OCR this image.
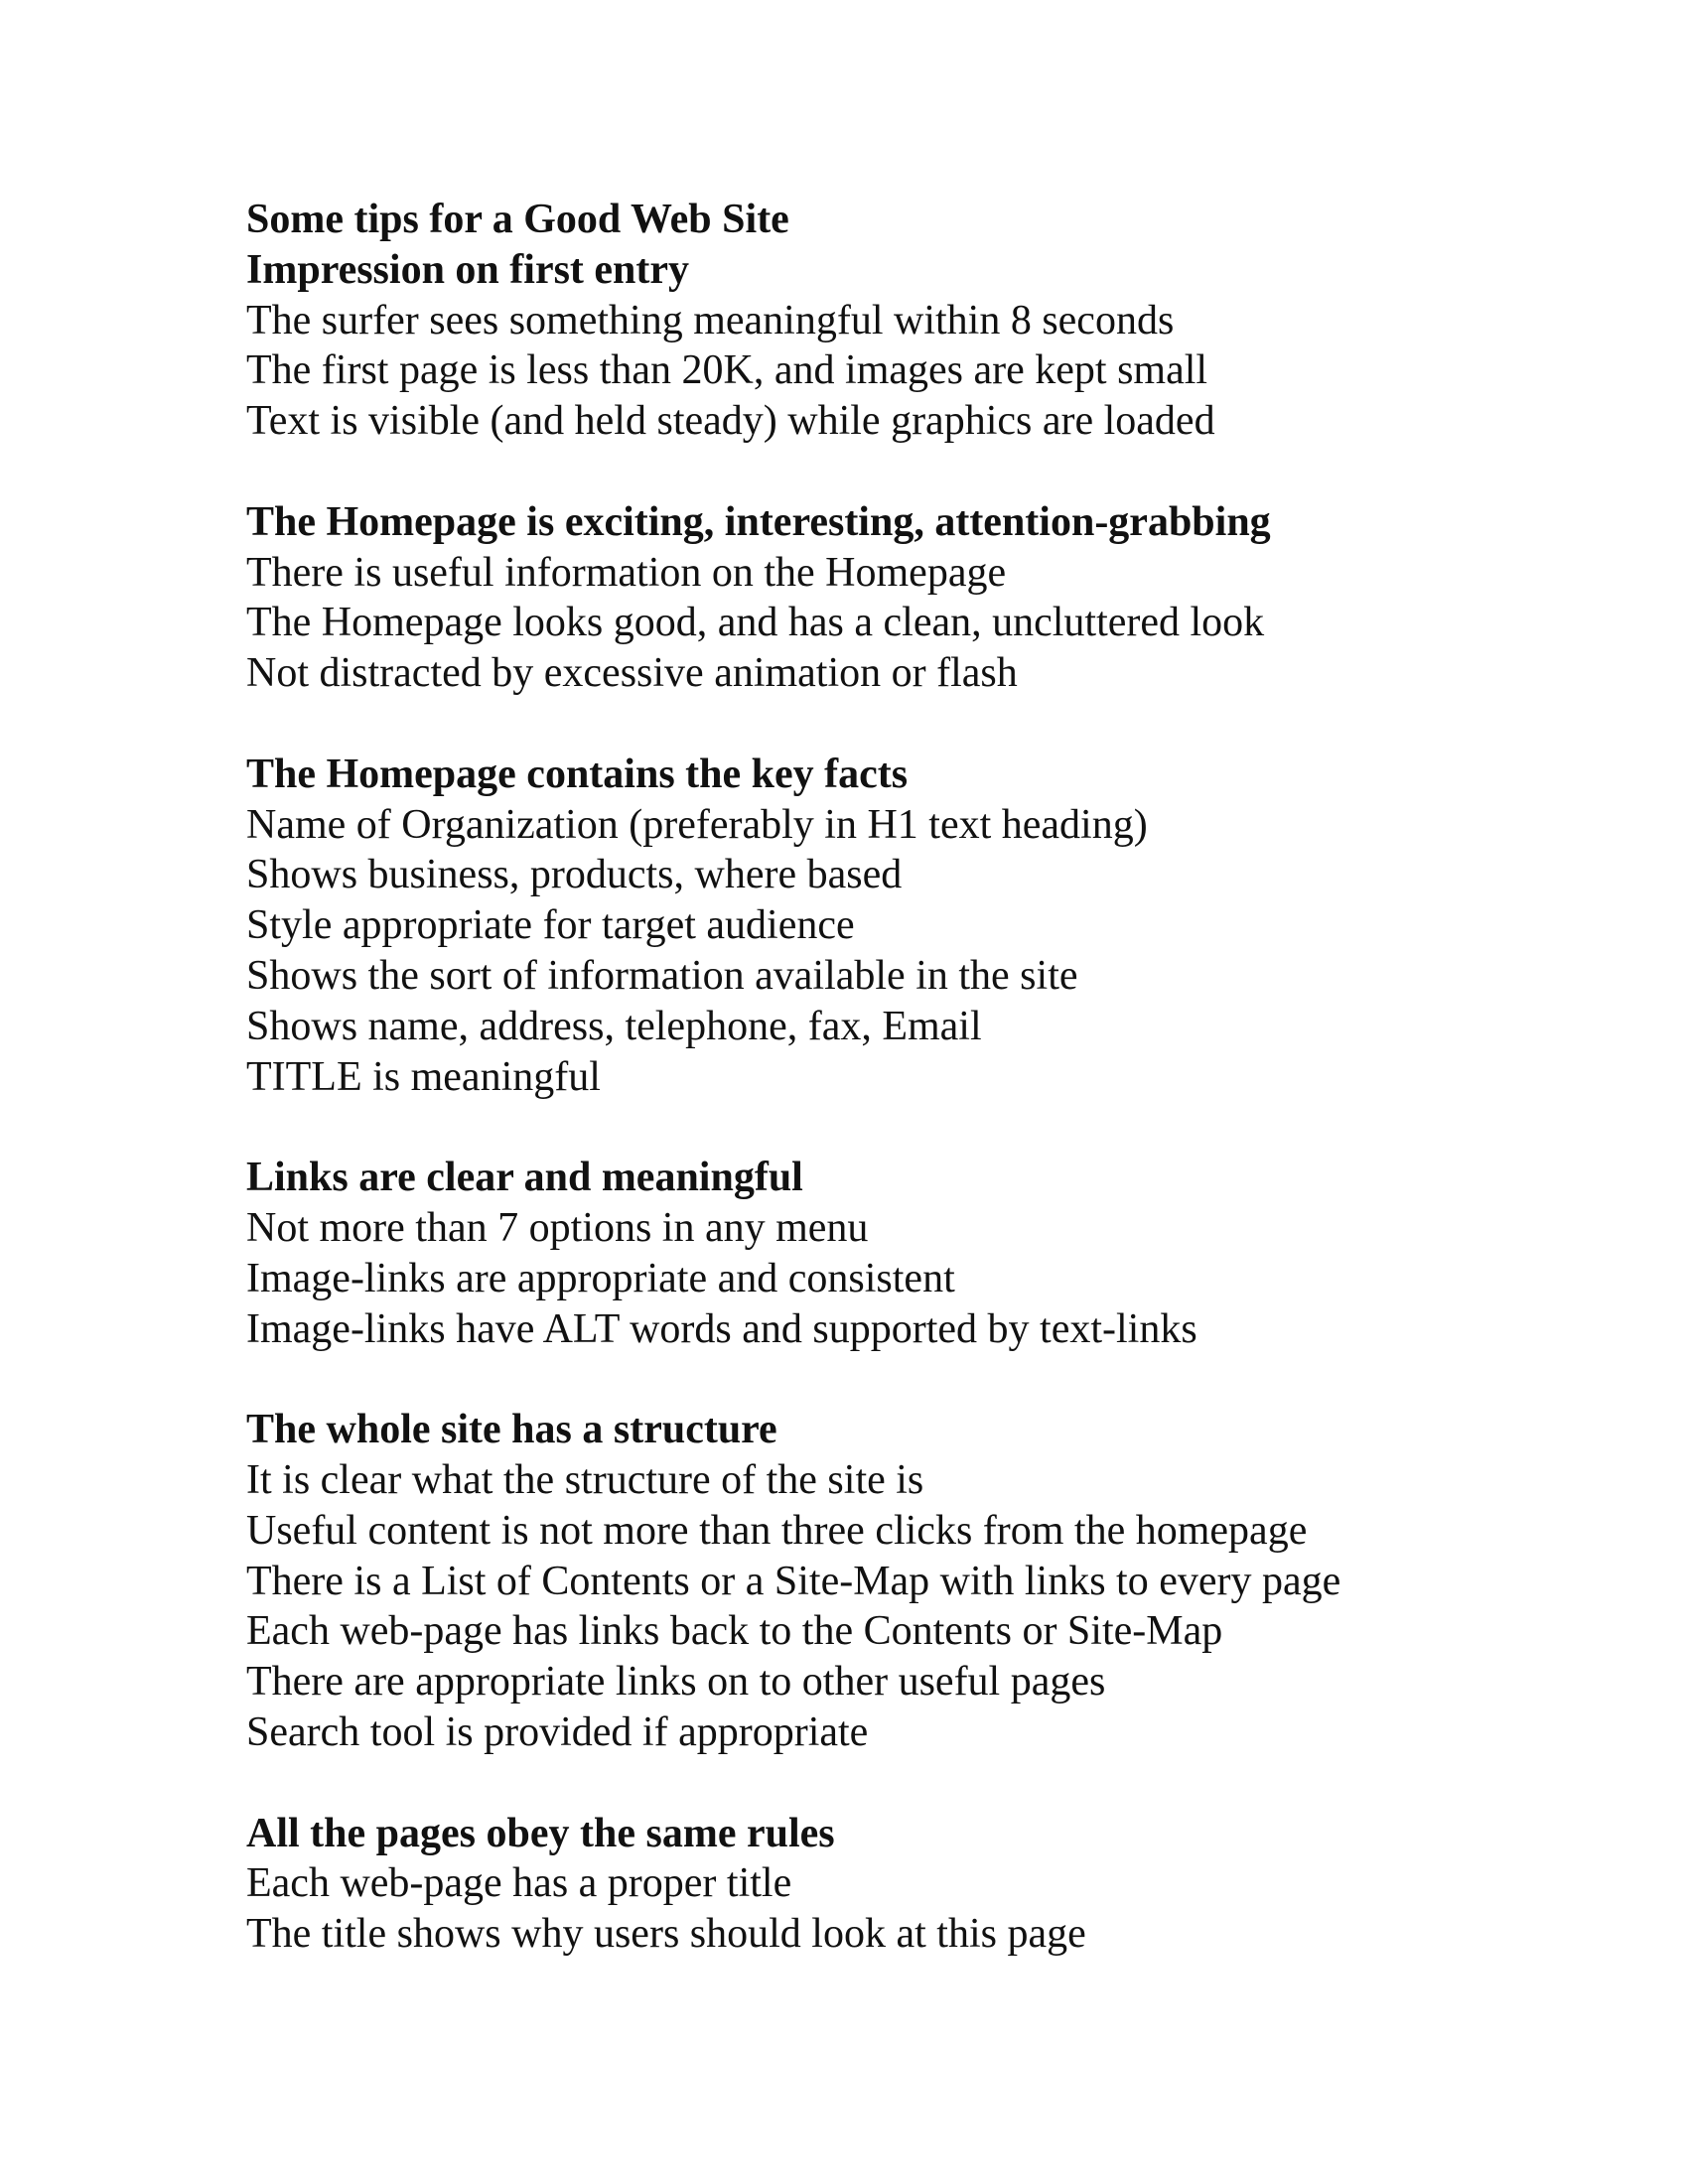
Some tips for a Good Web Site
Impression on first entry
The surfer sees something meaningful within 8 seconds
The first page is less than 20K, and images are kept small
Text is visible (and held steady) while graphics are loaded
The Homepage is exciting, interesting, attention-grabbing
There is useful information on the Homepage
The Homepage looks good, and has a clean, uncluttered look
Not distracted by excessive animation or flash
The Homepage contains the key facts
Name of Organization (preferably in H1 text heading)
Shows business, products, where based
Style appropriate for target audience
Shows the sort of information available in the site
Shows name, address, telephone, fax, Email
TITLE is meaningful
Links are clear and meaningful
Not more than 7 options in any menu
Image-links are appropriate and consistent
Image-links have ALT words and supported by text-links
The whole site has a structure
It is clear what the structure of the site is
Useful content is not more than three clicks from the homepage
There is a List of Contents or a Site-Map with links to every page
Each web-page has links back to the Contents or Site-Map
There are appropriate links on to other useful pages
Search tool is provided if appropriate
All the pages obey the same rules
Each web-page has a proper title
The title shows why users should look at this page
